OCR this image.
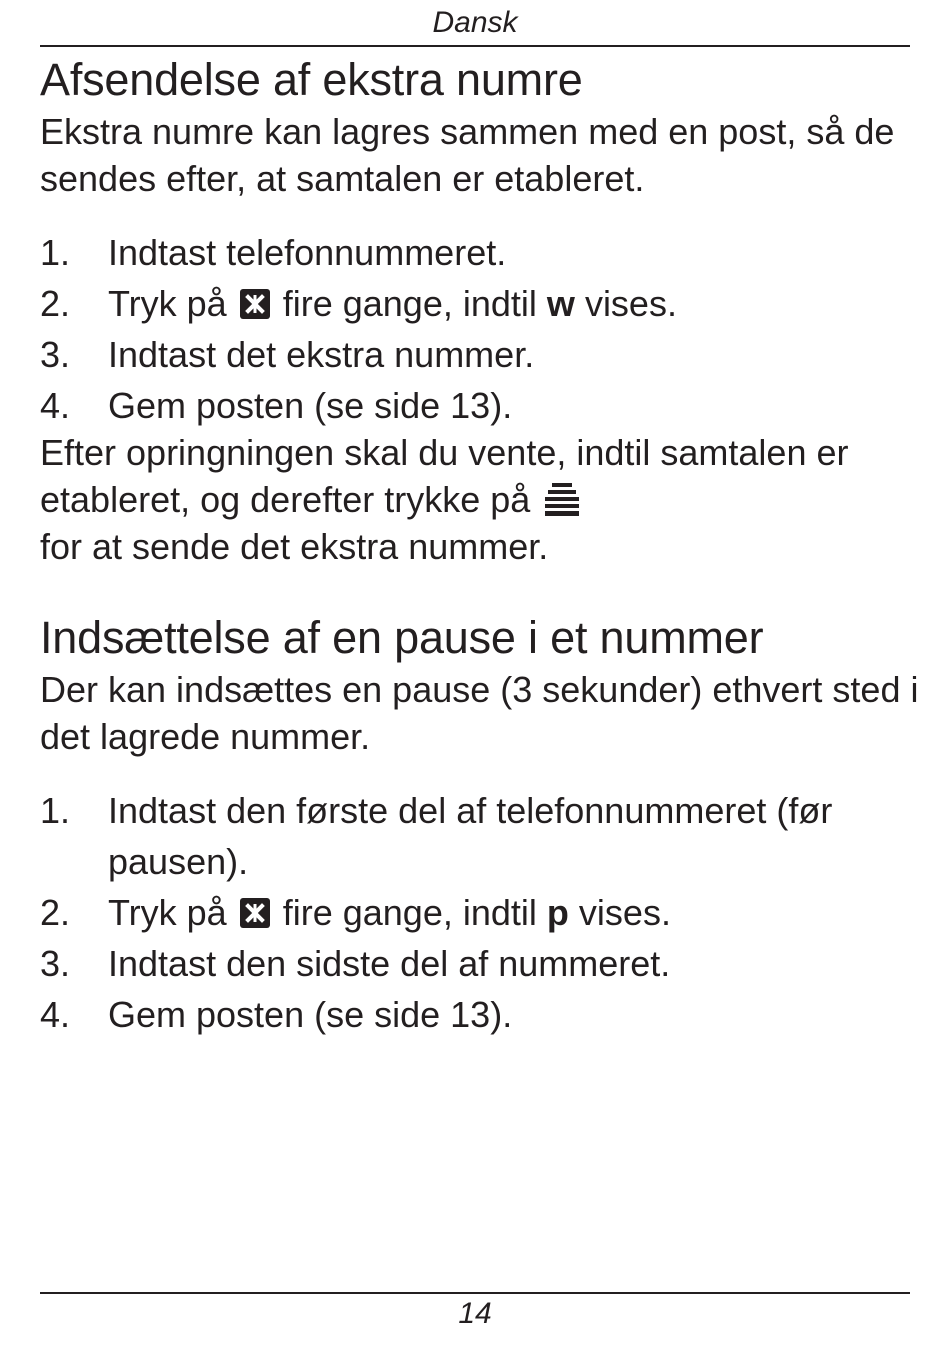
Dansk
Afsendelse af ekstra numre

Ekstra numre kan lagres sammen med en post, så de sendes efter, at samtalen er etableret.

1.	Indtast telefonnummeret.
2.	Tryk på fire gange, indtil w vises.
3.	Indtast det ekstra nummer.
4.	Gem posten (se side 13).

Efter opringningen skal du vente, indtil samtalen er etableret, og derefter trykke på
for at sende det ekstra nummer.

Indsættelse af en pause i et nummer

Der kan indsættes en pause (3 sekunder) ethvert sted i det lagrede nummer.

1.	Indtast den første del af telefonnummeret (før pausen).
2.	Tryk på fire gange, indtil p vises.
3.	Indtast den sidste del af nummeret.
4.	Gem posten (se side 13).
14
